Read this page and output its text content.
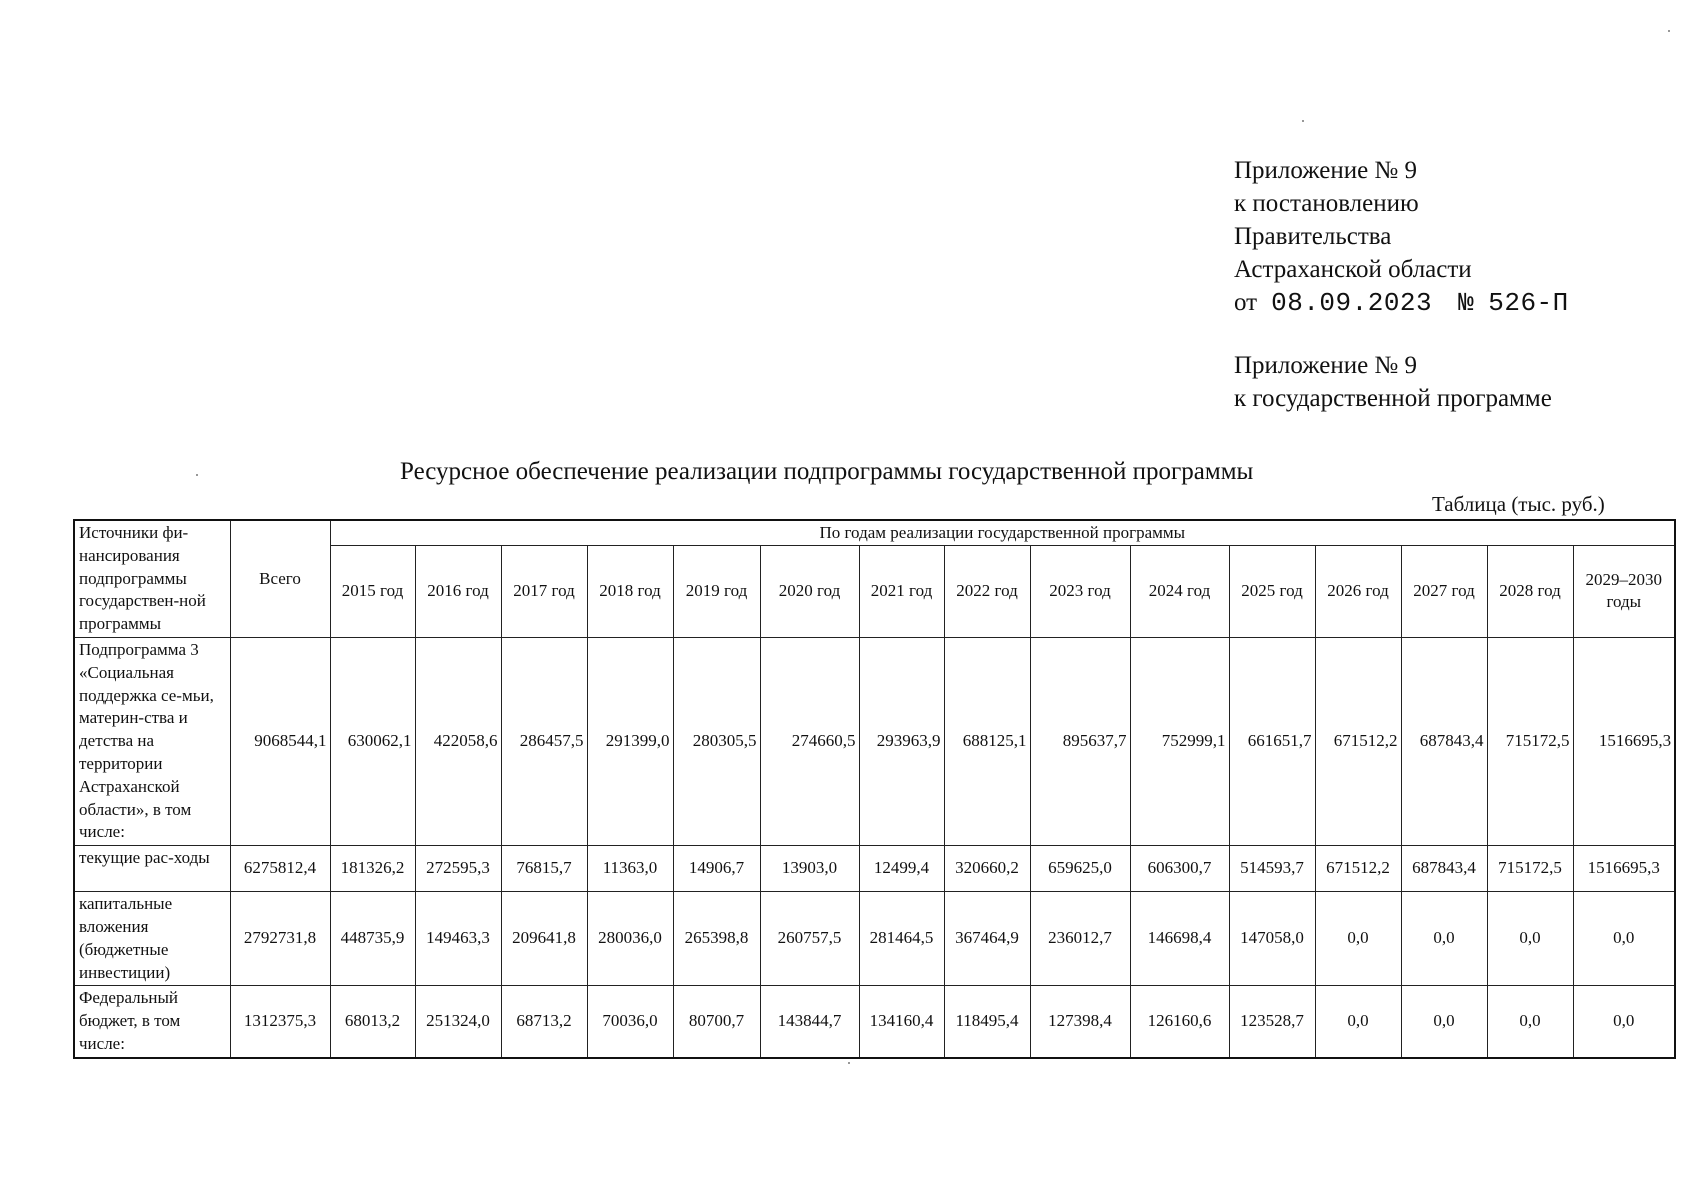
Приложение № 9
к постановлению
Правительства
Астраханской области
от 08.09.2023 № 526-П
Приложение № 9
к государственной программе
Ресурсное обеспечение реализации подпрограммы государственной программы
Таблица (тыс. руб.)
Источники фи-нансирования подпрограммы государствен-ной программы	Всего	По годам реализации государственной программы														
		2015 год	2016 год	2017 год	2018 год	2019 год	2020 год	2021 год	2022 год	2023 год	2024 год	2025 год	2026 год	2027 год	2028 год	2029–2030 годы
Подпрограмма 3 «Социальная поддержка се-мьи, материн-ства и детства на территории Астраханской области», в том числе:	9068544,1	630062,1	422058,6	286457,5	291399,0	280305,5	274660,5	293963,9	688125,1	895637,7	752999,1	661651,7	671512,2	687843,4	715172,5	1516695,3
текущие рас-ходы	6275812,4	181326,2	272595,3	76815,7	11363,0	14906,7	13903,0	12499,4	320660,2	659625,0	606300,7	514593,7	671512,2	687843,4	715172,5	1516695,3
капитальные вложения (бюджетные инвестиции)	2792731,8	448735,9	149463,3	209641,8	280036,0	265398,8	260757,5	281464,5	367464,9	236012,7	146698,4	147058,0	0,0	0,0	0,0	0,0
Федеральный бюджет, в том числе:	1312375,3	68013,2	251324,0	68713,2	70036,0	80700,7	143844,7	134160,4	118495,4	127398,4	126160,6	123528,7	0,0	0,0	0,0	0,0
